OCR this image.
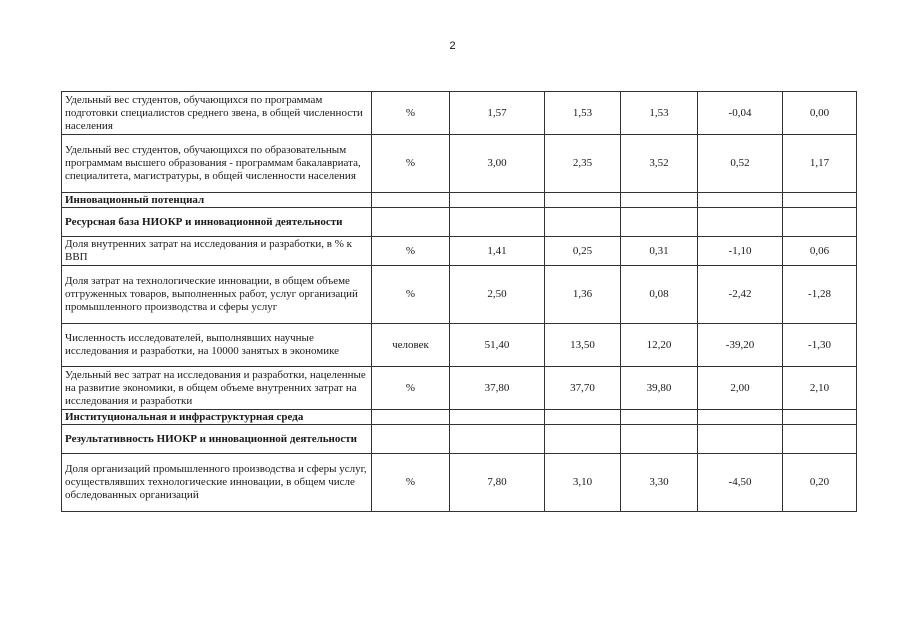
2
Удельный вес студентов, обучающихся по программам подготовки специалистов среднего звена, в общей численности населения	%	1,57	1,53	1,53	-0,04	0,00
Удельный вес студентов, обучающихся по образовательным программам высшего образования - программам бакалавриата, специалитета, магистратуры, в общей численности населения	%	3,00	2,35	3,52	0,52	1,17
Инновационный потенциал						
Ресурсная база НИОКР и инновационной деятельности						
Доля внутренних затрат на исследования и разработки, в % к ВВП	%	1,41	0,25	0,31	-1,10	0,06
Доля затрат на технологические инновации, в общем объеме отгруженных товаров, выполненных работ, услуг организаций промышленного производства и сферы услуг	%	2,50	1,36	0,08	-2,42	-1,28
Численность исследователей, выполнявших научные исследования и разработки, на 10000 занятых в экономике	человек	51,40	13,50	12,20	-39,20	-1,30
Удельный вес затрат на исследования и разработки, нацеленные на развитие экономики, в общем объеме внутренних затрат на исследования и разработки	%	37,80	37,70	39,80	2,00	2,10
Институциональная и инфраструктурная среда						
Результативность НИОКР и инновационной деятельности						
Доля организаций промышленного производства и сферы услуг, осуществлявших технологические инновации, в общем числе обследованных организаций	%	7,80	3,10	3,30	-4,50	0,20
